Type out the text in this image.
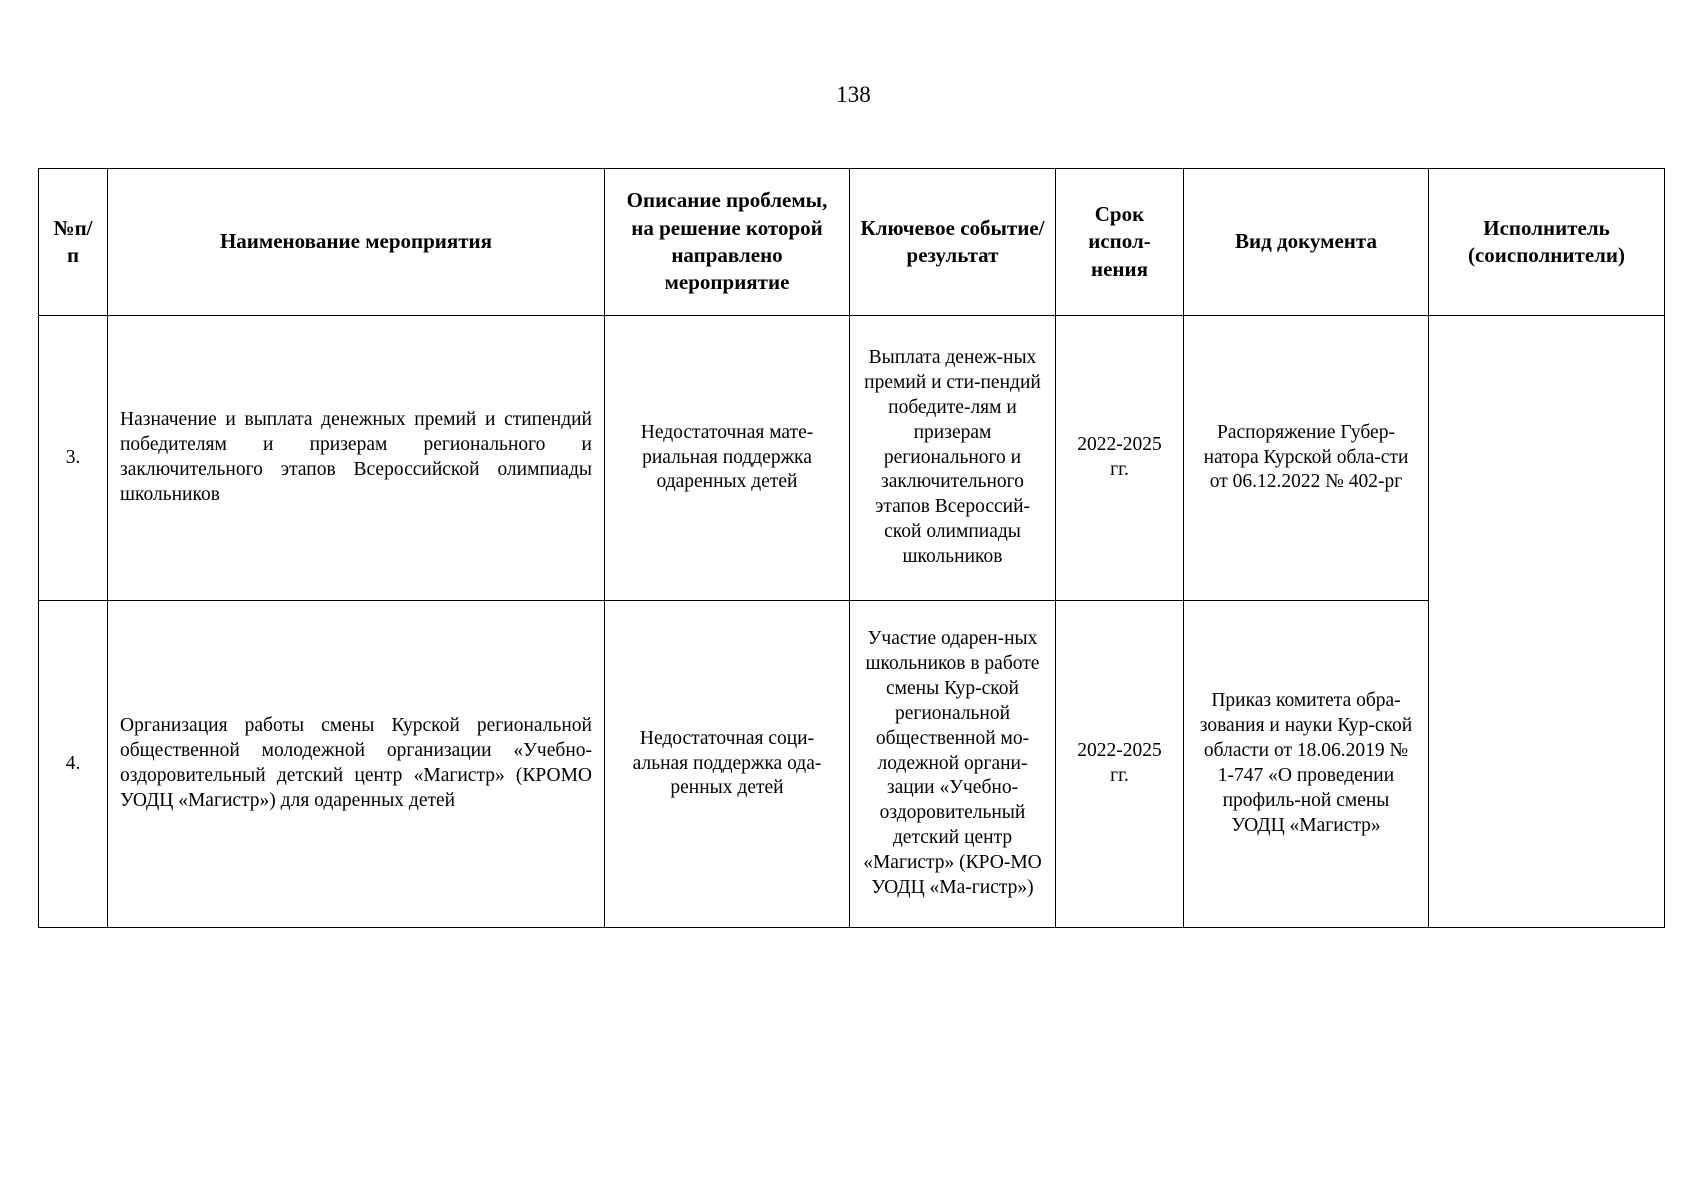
138
№п/п	Наименование мероприятия	Описание проблемы, на решение которой направлено мероприятие	Ключевое событие/ результат	Срок испол-нения	Вид документа	Исполнитель (соисполнители)
3.	Назначение и выплата денежных премий и стипендий победителям и призерам регионального и заключительного этапов Всероссийской олимпиады школьников	Недостаточная мате-риальная поддержка одаренных детей	Выплата денеж-ных премий и сти-пендий победите-лям и призерам регионального и заключительного этапов Всероссий-ской олимпиады школьников	2022-2025 гг.	Распоряжение Губер-натора Курской обла-сти от 06.12.2022 № 402-рг	
4.	Организация работы смены Курской региональной общественной молодежной организации «Учебно-оздоровительный детский центр «Магистр» (КРОМО УОДЦ «Магистр») для одаренных детей	Недостаточная соци-альная поддержка ода-ренных детей	Участие одарен-ных школьников в работе смены Кур-ской региональной общественной мо-лодежной органи-зации «Учебно-оздоровительный детский центр «Магистр» (КРО-МО УОДЦ «Ма-гистр»)	2022-2025 гг.	Приказ комитета обра-зования и науки Кур-ской области от 18.06.2019 № 1-747 «О проведении профиль-ной смены УОДЦ «Магистр»	
